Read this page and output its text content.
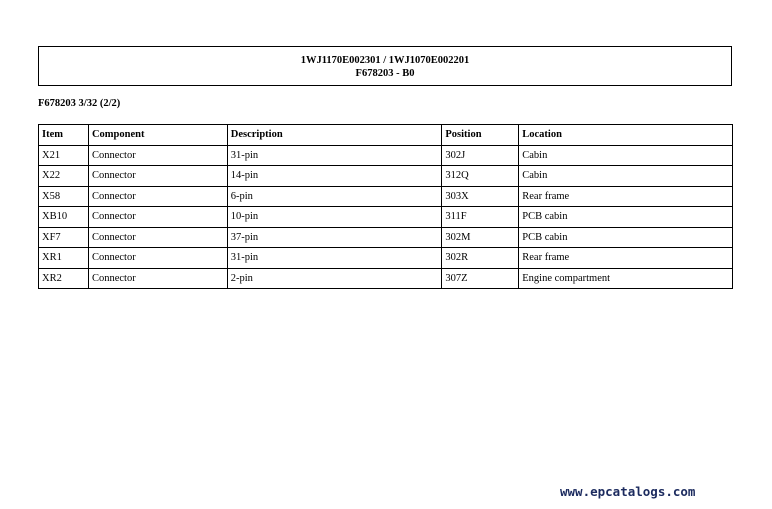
1WJ1170E002301 / 1WJ1070E002201
F678203 - B0
F678203 3/32 (2/2)
Item	Component	Description	Position	Location
X21	Connector	31-pin	302J	Cabin
X22	Connector	14-pin	312Q	Cabin
X58	Connector	6-pin	303X	Rear frame
XB10	Connector	10-pin	311F	PCB cabin
XF7	Connector	37-pin	302M	PCB cabin
XR1	Connector	31-pin	302R	Rear frame
XR2	Connector	2-pin	307Z	Engine compartment
www.epcatalogs.com
